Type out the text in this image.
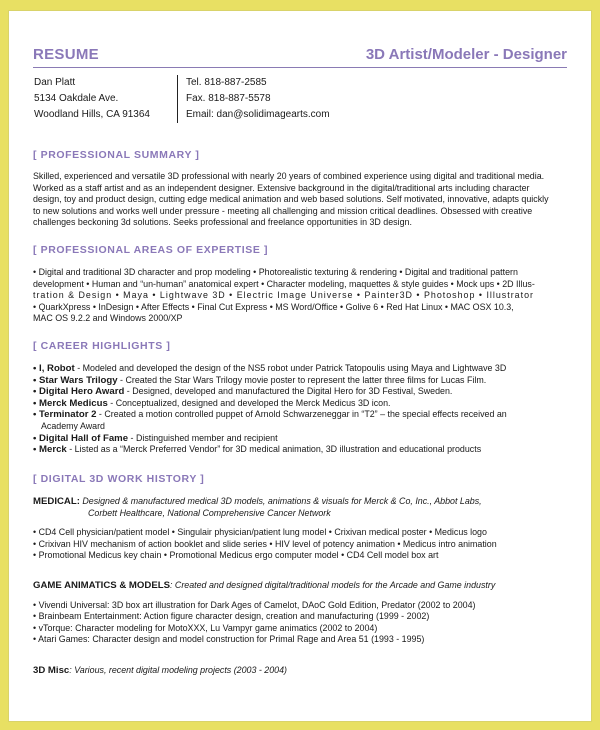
RESUME	3D Artist/Modeler - Designer
Dan Platt
5134 Oakdale Ave.
Woodland Hills, CA 91364
Tel. 818-887-2585
Fax. 818-887-5578
Email: dan@solidimagearts.com
[ PROFESSIONAL SUMMARY ]
Skilled, experienced and versatile 3D professional with nearly 20 years of combined experience using digital and traditional media.
Worked as a staff artist and as an independent designer. Extensive background in the digital/traditional arts including character
design, toy and product design, cutting edge medical animation and web based solutions. Self motivated, innovative, adapts quickly
to new solutions and works well under pressure - meeting all challenging and mission critical deadlines. Obsessed with creative
challenges beckoning 3d solutions. Seeks professional and freelance opportunities in 3D design.
[ PROFESSIONAL AREAS OF EXPERTISE ]
• Digital and traditional 3D character and prop modeling • Photorealistic texturing & rendering • Digital and traditional pattern
development • Human and “un-human” anatomical expert • Character modeling, maquettes & style guides • Mock ups • 2D Illus-
tration & Design • Maya • Lightwave 3D • Electric Image Universe • Painter3D • Photoshop • Illustrator
• QuarkXpress • InDesign • After Effects • Final Cut Express • MS Word/Office • Golive 6 • Red Hat Linux • MAC OSX 10.3,
MAC OS 9.2.2 and Windows 2000/XP
[ CAREER HIGHLIGHTS ]
• I, Robot - Modeled and developed the design of the NS5 robot under Patrick Tatopoulis using Maya and Lightwave 3D
• Star Wars Trilogy - Created the Star Wars Trilogy movie poster to represent the latter three films for Lucas Film.
• Digital Hero Award - Designed, developed and manufactured the Digital Hero for 3D Festival, Sweden.
• Merck Medicus - Conceptualized, designed and developed the Merck Medicus 3D icon.
• Terminator 2 - Created a motion controlled puppet of Arnold Schwarzeneggar in “T2” – the special effects received an
Academy Award
• Digital Hall of Fame - Distinguished member and recipient
• Merck - Listed as a “Merck Preferred Vendor” for 3D medical animation, 3D illustration and educational products
[ DIGITAL 3D WORK HISTORY ]
MEDICAL: Designed & manufactured medical 3D models, animations & visuals for Merck & Co, Inc., Abbot Labs,
Corbett Healthcare, National Comprehensive Cancer Network
• CD4 Cell physician/patient model • Singulair physician/patient lung model • Crixivan medical poster • Medicus logo
• Crixivan HIV mechanism of action booklet and slide series • HIV level of potency animation • Medicus intro animation
• Promotional Medicus key chain • Promotional Medicus ergo computer model • CD4 Cell model box art
GAME ANIMATICS & MODELS: Created and designed digital/traditional models for the Arcade and Game industry
• Vivendi Universal: 3D box art illustration for Dark Ages of Camelot, DAoC Gold Edition, Predator (2002 to 2004)
• Brainbeam Entertainment: Action figure character design, creation and manufacturing (1999 - 2002)
• vTorque: Character modeling for MotoXXX, Lu Vampyr game animatics (2002 to 2004)
• Atari Games: Character design and model construction for Primal Rage and Area 51 (1993 - 1995)
3D Misc: Various, recent digital modeling projects (2003 - 2004)
